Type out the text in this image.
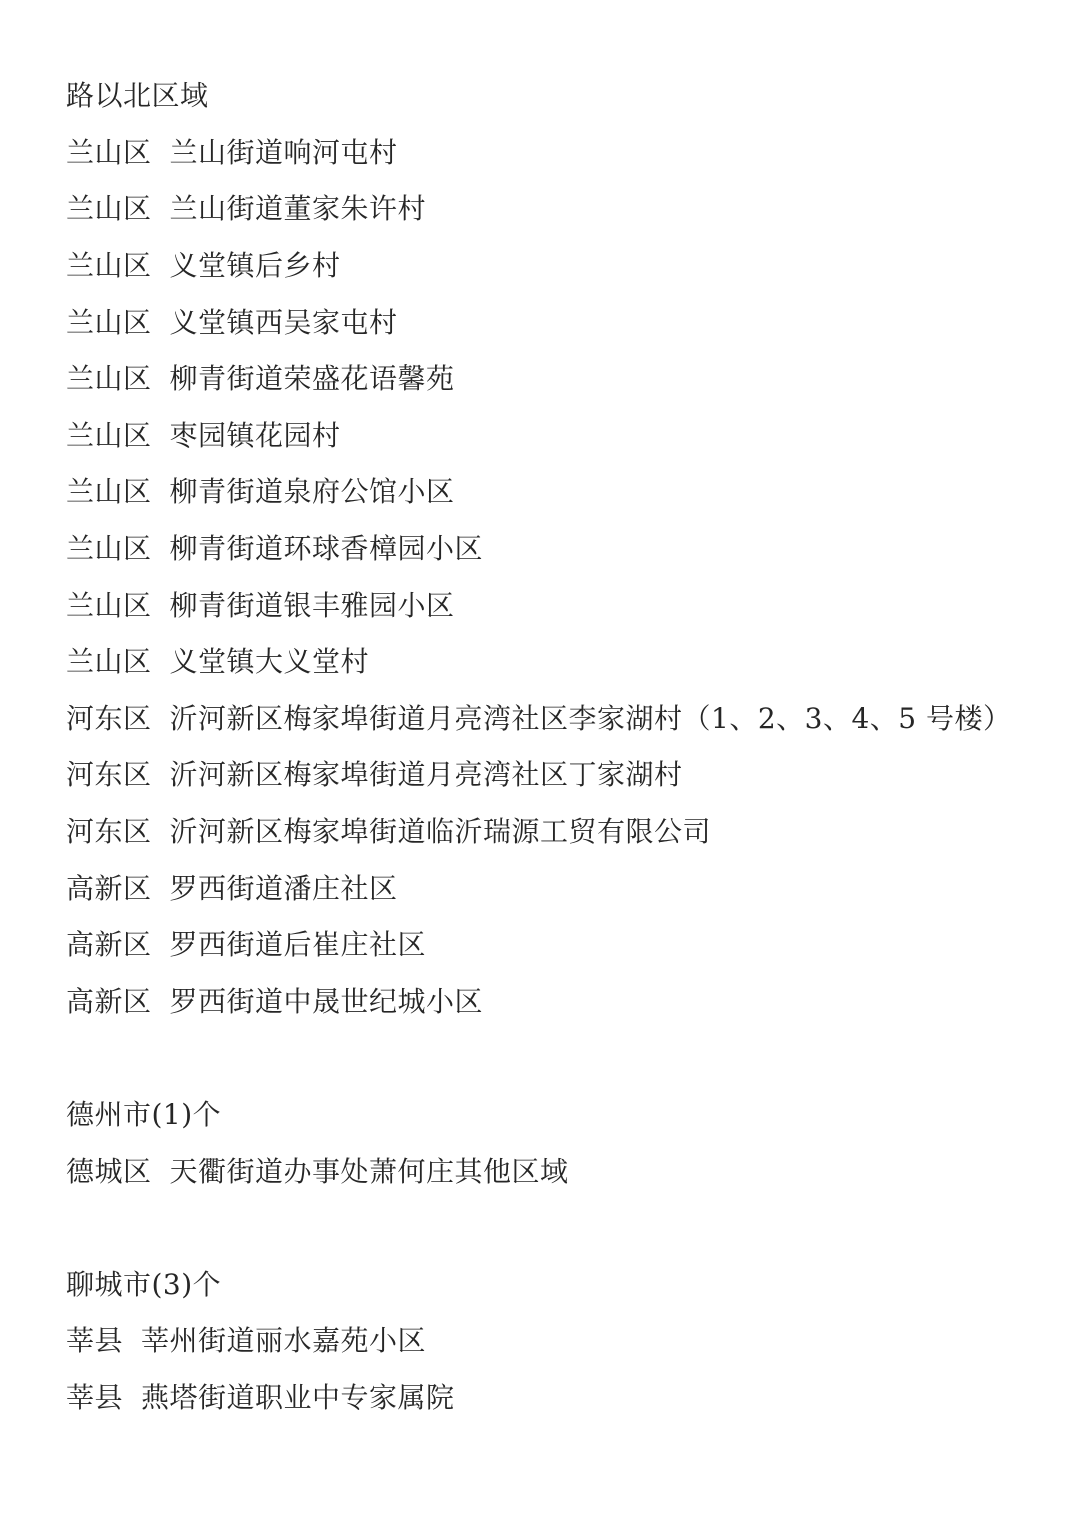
路以北区域
兰山区 兰山街道响河屯村
兰山区 兰山街道董家朱许村
兰山区 义堂镇后乡村
兰山区 义堂镇西吴家屯村
兰山区 柳青街道荣盛花语馨苑
兰山区 枣园镇花园村
兰山区 柳青街道泉府公馆小区
兰山区 柳青街道环球香樟园小区
兰山区 柳青街道银丰雅园小区
兰山区 义堂镇大义堂村
河东区 沂河新区梅家埠街道月亮湾社区李家湖村（1、2、3、4、5 号楼）
河东区 沂河新区梅家埠街道月亮湾社区丁家湖村
河东区 沂河新区梅家埠街道临沂瑞源工贸有限公司
高新区 罗西街道潘庄社区
高新区 罗西街道后崔庄社区
高新区 罗西街道中晟世纪城小区
德州市(1)个
德城区 天衢街道办事处萧何庄其他区域
聊城市(3)个
莘县 莘州街道丽水嘉苑小区
莘县 燕塔街道职业中专家属院
